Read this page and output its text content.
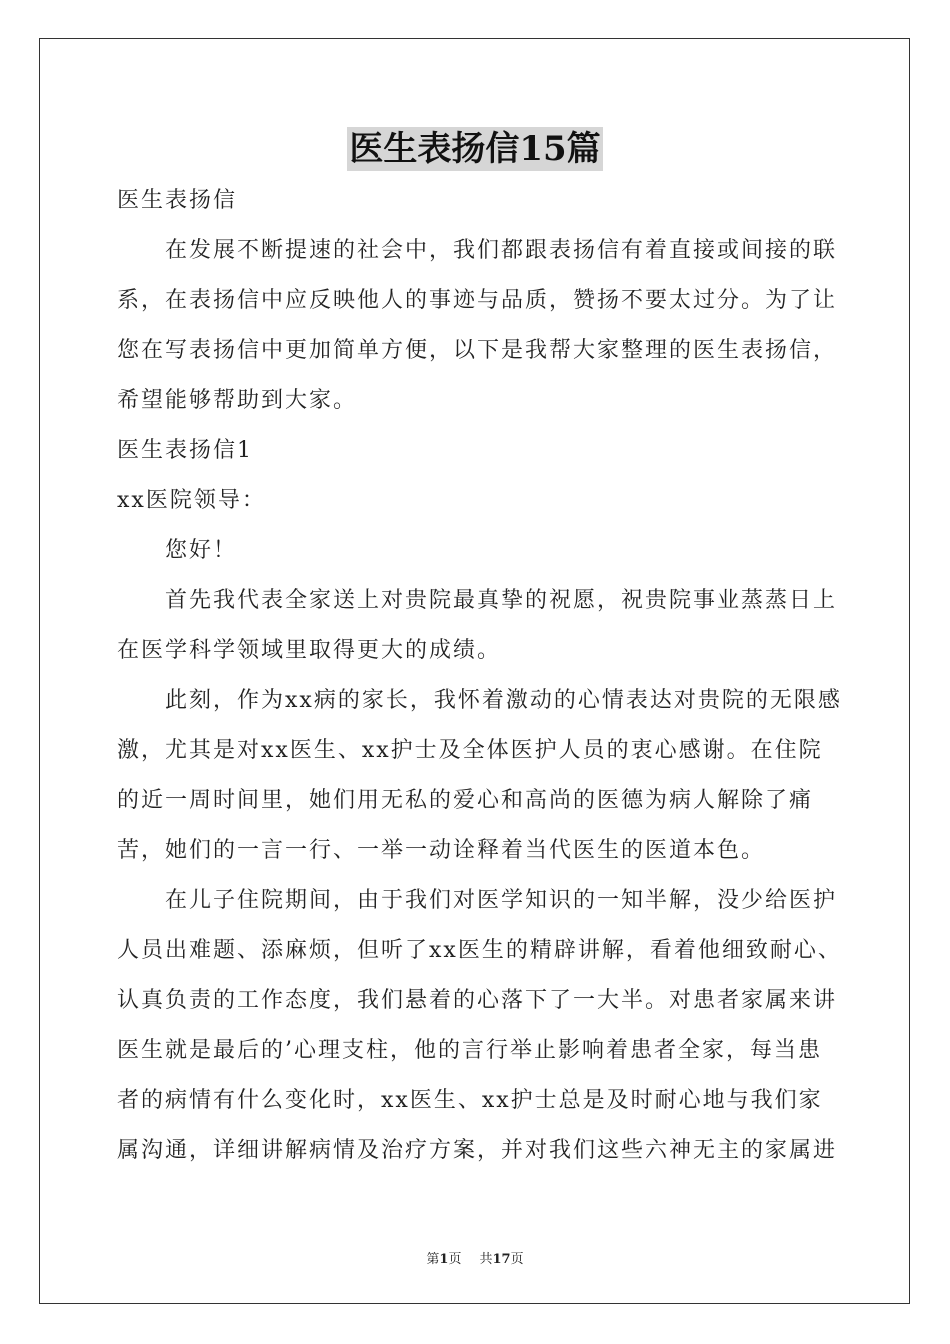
医生表扬信15篇

医生表扬信

在发展不断提速的社会中，我们都跟表扬信有着直接或间接的联系，在表扬信中应反映他人的事迹与品质，赞扬不要太过分。为了让您在写表扬信中更加简单方便，以下是我帮大家整理的医生表扬信，希望能够帮助到大家。

医生表扬信1

xx医院领导：

您好！

首先我代表全家送上对贵院最真挚的祝愿，祝贵院事业蒸蒸日上在医学科学领域里取得更大的成绩。

此刻，作为xx病的家长，我怀着激动的心情表达对贵院的无限感激，尤其是对xx医生、xx护士及全体医护人员的衷心感谢。在住院的近一周时间里，她们用无私的爱心和高尚的医德为病人解除了痛苦，她们的一言一行、一举一动诠释着当代医生的医道本色。

在儿子住院期间，由于我们对医学知识的一知半解，没少给医护人员出难题、添麻烦，但听了xx医生的精辟讲解，看着他细致耐心、认真负责的工作态度，我们悬着的心落下了一大半。对患者家属来讲医生就是最后的’心理支柱，他的言行举止影响着患者全家，每当患者的病情有什么变化时，xx医生、xx护士总是及时耐心地与我们家属沟通，详细讲解病情及治疗方案，并对我们这些六神无主的家属进

第1页 共17页
